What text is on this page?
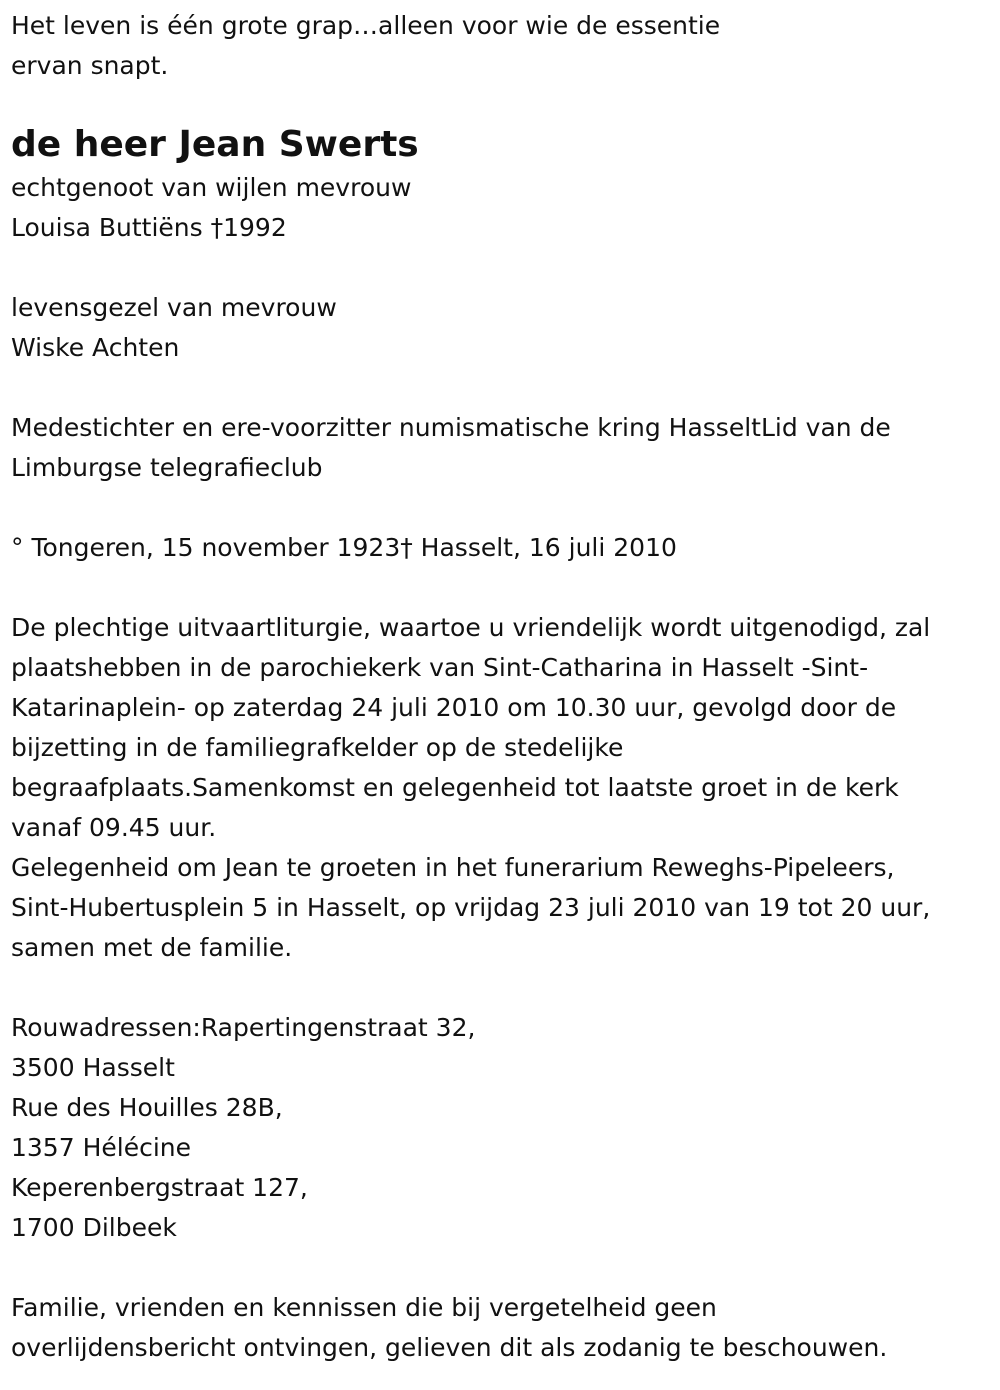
Het leven is één grote grap…alleen voor wie de essentie
ervan snapt.
de heer Jean Swerts
echtgenoot van wijlen mevrouw
Louisa Buttiëns †1992
levensgezel van mevrouw
Wiske Achten
Medestichter en ere-voorzitter numismatische kring HasseltLid van de
Limburgse telegrafieclub
° Tongeren, 15 november 1923† Hasselt, 16 juli 2010
De plechtige uitvaartliturgie, waartoe u vriendelijk wordt uitgenodigd, zal
plaatshebben in de parochiekerk van Sint-Catharina in Hasselt -Sint-
Katarinaplein- op zaterdag 24 juli 2010 om 10.30 uur, gevolgd door de
bijzetting in de familiegrafkelder op de stedelijke
begraafplaats.Samenkomst en gelegenheid tot laatste groet in de kerk
vanaf 09.45 uur.
Gelegenheid om Jean te groeten in het funerarium Reweghs-Pipeleers,
Sint-Hubertusplein 5 in Hasselt, op vrijdag 23 juli 2010 van 19 tot 20 uur,
samen met de familie.
Rouwadressen:Rapertingenstraat 32,
3500 Hasselt
Rue des Houilles 28B,
1357 Hélécine
Keperenbergstraat 127,
1700 Dilbeek
Familie, vrienden en kennissen die bij vergetelheid geen
overlijdensbericht ontvingen, gelieven dit als zodanig te beschouwen.
